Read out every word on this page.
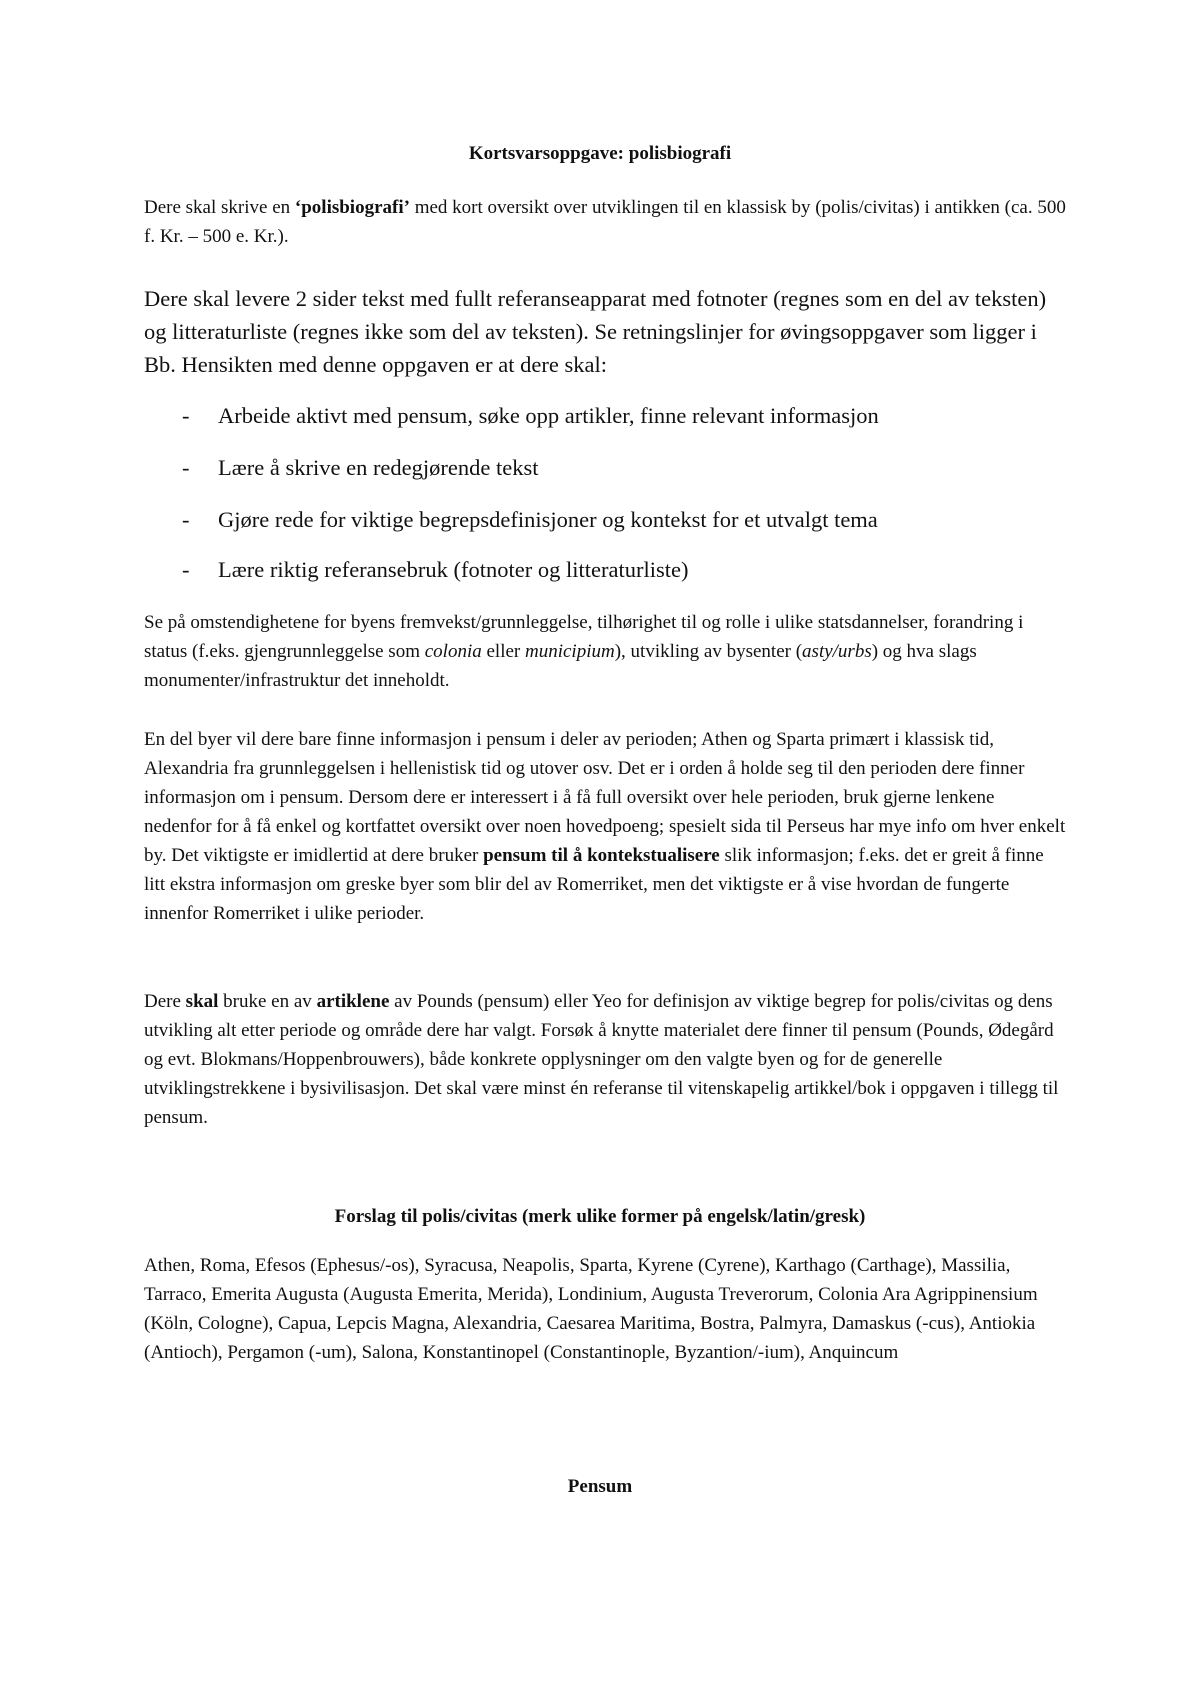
Kortsvarsoppgave: polisbiografi

Dere skal skrive en ‘polisbiografi’ med kort oversikt over utviklingen til en klassisk by (polis/civitas) i antikken (ca. 500 f. Kr. – 500 e. Kr.).

Dere skal levere 2 sider tekst med fullt referanseapparat med fotnoter (regnes som en del av teksten) og litteraturliste (regnes ikke som del av teksten). Se retningslinjer for øvingsoppgaver som ligger i Bb. Hensikten med denne oppgaven er at dere skal:

- Arbeide aktivt med pensum, søke opp artikler, finne relevant informasjon
- Lære å skrive en redegjørende tekst
- Gjøre rede for viktige begrepsdefinisjoner og kontekst for et utvalgt tema
- Lære riktig referansebruk (fotnoter og litteraturliste)

Se på omstendighetene for byens fremvekst/grunnleggelse, tilhørighet til og rolle i ulike statsdannelser, forandring i status (f.eks. gjengrunnleggelse som colonia eller municipium), utvikling av bysenter (asty/urbs) og hva slags monumenter/infrastruktur det inneholdt.

En del byer vil dere bare finne informasjon i pensum i deler av perioden; Athen og Sparta primært i klassisk tid, Alexandria fra grunnleggelsen i hellenistisk tid og utover osv. Det er i orden å holde seg til den perioden dere finner informasjon om i pensum. Dersom dere er interessert i å få full oversikt over hele perioden, bruk gjerne lenkene nedenfor for å få enkel og kortfattet oversikt over noen hovedpoeng; spesielt sida til Perseus har mye info om hver enkelt by. Det viktigste er imidlertid at dere bruker pensum til å kontekstualisere slik informasjon; f.eks. det er greit å finne litt ekstra informasjon om greske byer som blir del av Romerriket, men det viktigste er å vise hvordan de fungerte innenfor Romerriket i ulike perioder.

Dere skal bruke en av artiklene av Pounds (pensum) eller Yeo for definisjon av viktige begrep for polis/civitas og dens utvikling alt etter periode og område dere har valgt. Forsøk å knytte materialet dere finner til pensum (Pounds, Ødegård og evt. Blokmans/Hoppenbrouwers), både konkrete opplysninger om den valgte byen og for de generelle utviklingstrekkene i bysivilisasjon. Det skal være minst én referanse til vitenskapelig artikkel/bok i oppgaven i tillegg til pensum.

Forslag til polis/civitas (merk ulike former på engelsk/latin/gresk)

Athen, Roma, Efesos (Ephesus/-os), Syracusa, Neapolis, Sparta, Kyrene (Cyrene), Karthago (Carthage), Massilia, Tarraco, Emerita Augusta (Augusta Emerita, Merida), Londinium, Augusta Treverorum, Colonia Ara Agrippinensium (Köln, Cologne), Capua, Lepcis Magna, Alexandria, Caesarea Maritima, Bostra, Palmyra, Damaskus (-cus), Antiokia (Antioch), Pergamon (-um), Salona, Konstantinopel (Constantinople, Byzantion/-ium), Anquincum

Pensum
